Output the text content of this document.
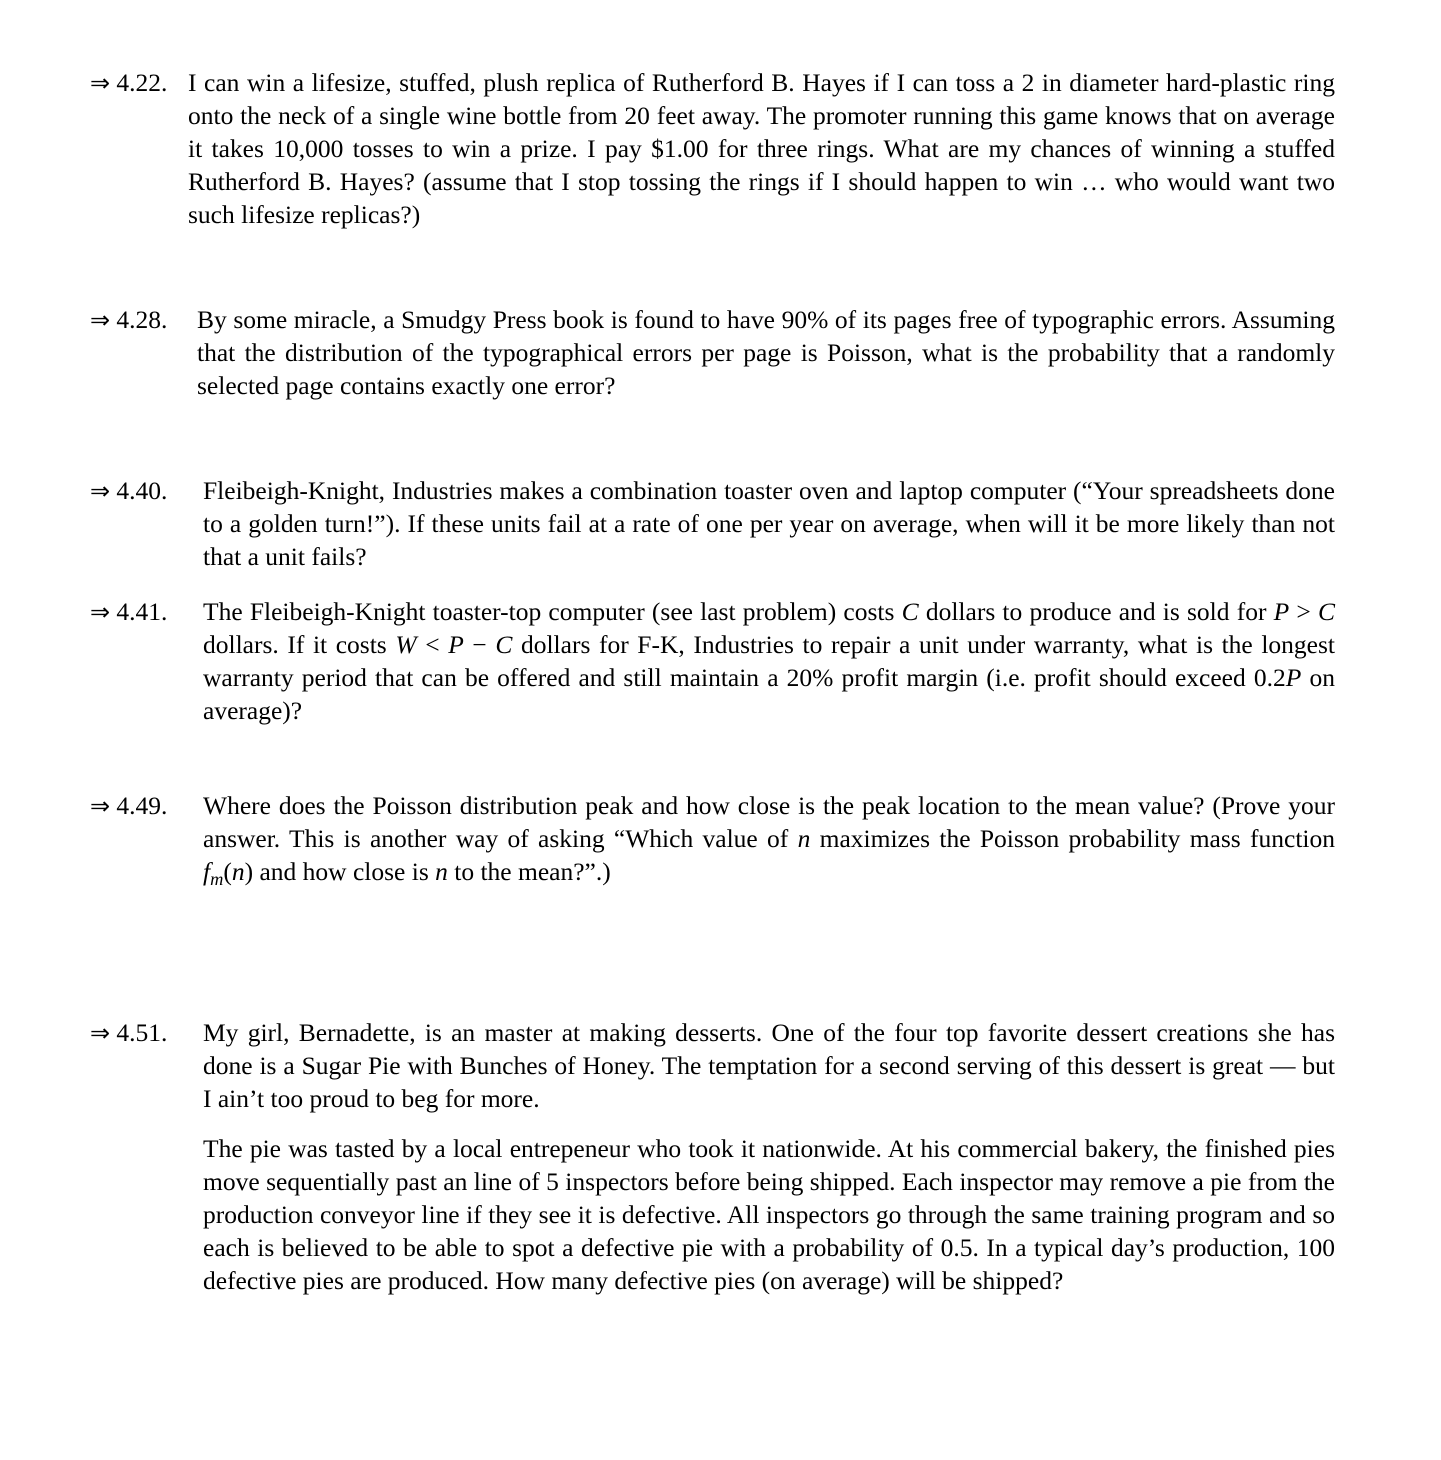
⇒ 4.22. I can win a lifesize, stuffed, plush replica of Rutherford B. Hayes if I can toss a 2 in diameter hard-plastic ring onto the neck of a single wine bottle from 20 feet away. The promoter running this game knows that on average it takes 10,000 tosses to win a prize. I pay $1.00 for three rings. What are my chances of winning a stuffed Rutherford B. Hayes? (assume that I stop tossing the rings if I should happen to win … who would want two such lifesize replicas?)

⇒ 4.28.	By some miracle, a Smudgy Press book is found to have 90% of its pages free of typographic errors. Assuming that the distribution of the typographical errors per page is Poisson, what is the probability that a randomly selected page contains exactly one error?

⇒ 4.40.	Fleibeigh-Knight, Industries makes a combination toaster oven and laptop computer (“Your spreadsheets done to a golden turn!”). If these units fail at a rate of one per year on average, when will it be more likely than not that a unit fails?

⇒ 4.41.	The Fleibeigh-Knight toaster-top computer (see last problem) costs C dollars to produce and is sold for P > C dollars. If it costs W < P − C dollars for F-K, Industries to repair a unit under warranty, what is the longest warranty period that can be offered and still maintain a 20% profit margin (i.e. profit should exceed 0.2P on average)?

⇒ 4.49.	Where does the Poisson distribution peak and how close is the peak location to the mean value? (Prove your answer. This is another way of asking “Which value of n maximizes the Poisson probability mass function $f_m(n)$ and how close is n to the mean?”.)

⇒ 4.51.	My girl, Bernadette, is an master at making desserts. One of the four top favorite dessert creations she has done is a Sugar Pie with Bunches of Honey. The temptation for a second serving of this dessert is great — but I ain’t too proud to beg for more.

The pie was tasted by a local entrepeneur who took it nationwide. At his commercial bakery, the finished pies move sequentially past an line of 5 inspectors before being shipped. Each inspector may remove a pie from the production conveyor line if they see it is defective. All inspectors go through the same training program and so each is believed to be able to spot a defective pie with a probability of 0.5. In a typical day’s production, 100 defective pies are produced. How many defective pies (on average) will be shipped?
